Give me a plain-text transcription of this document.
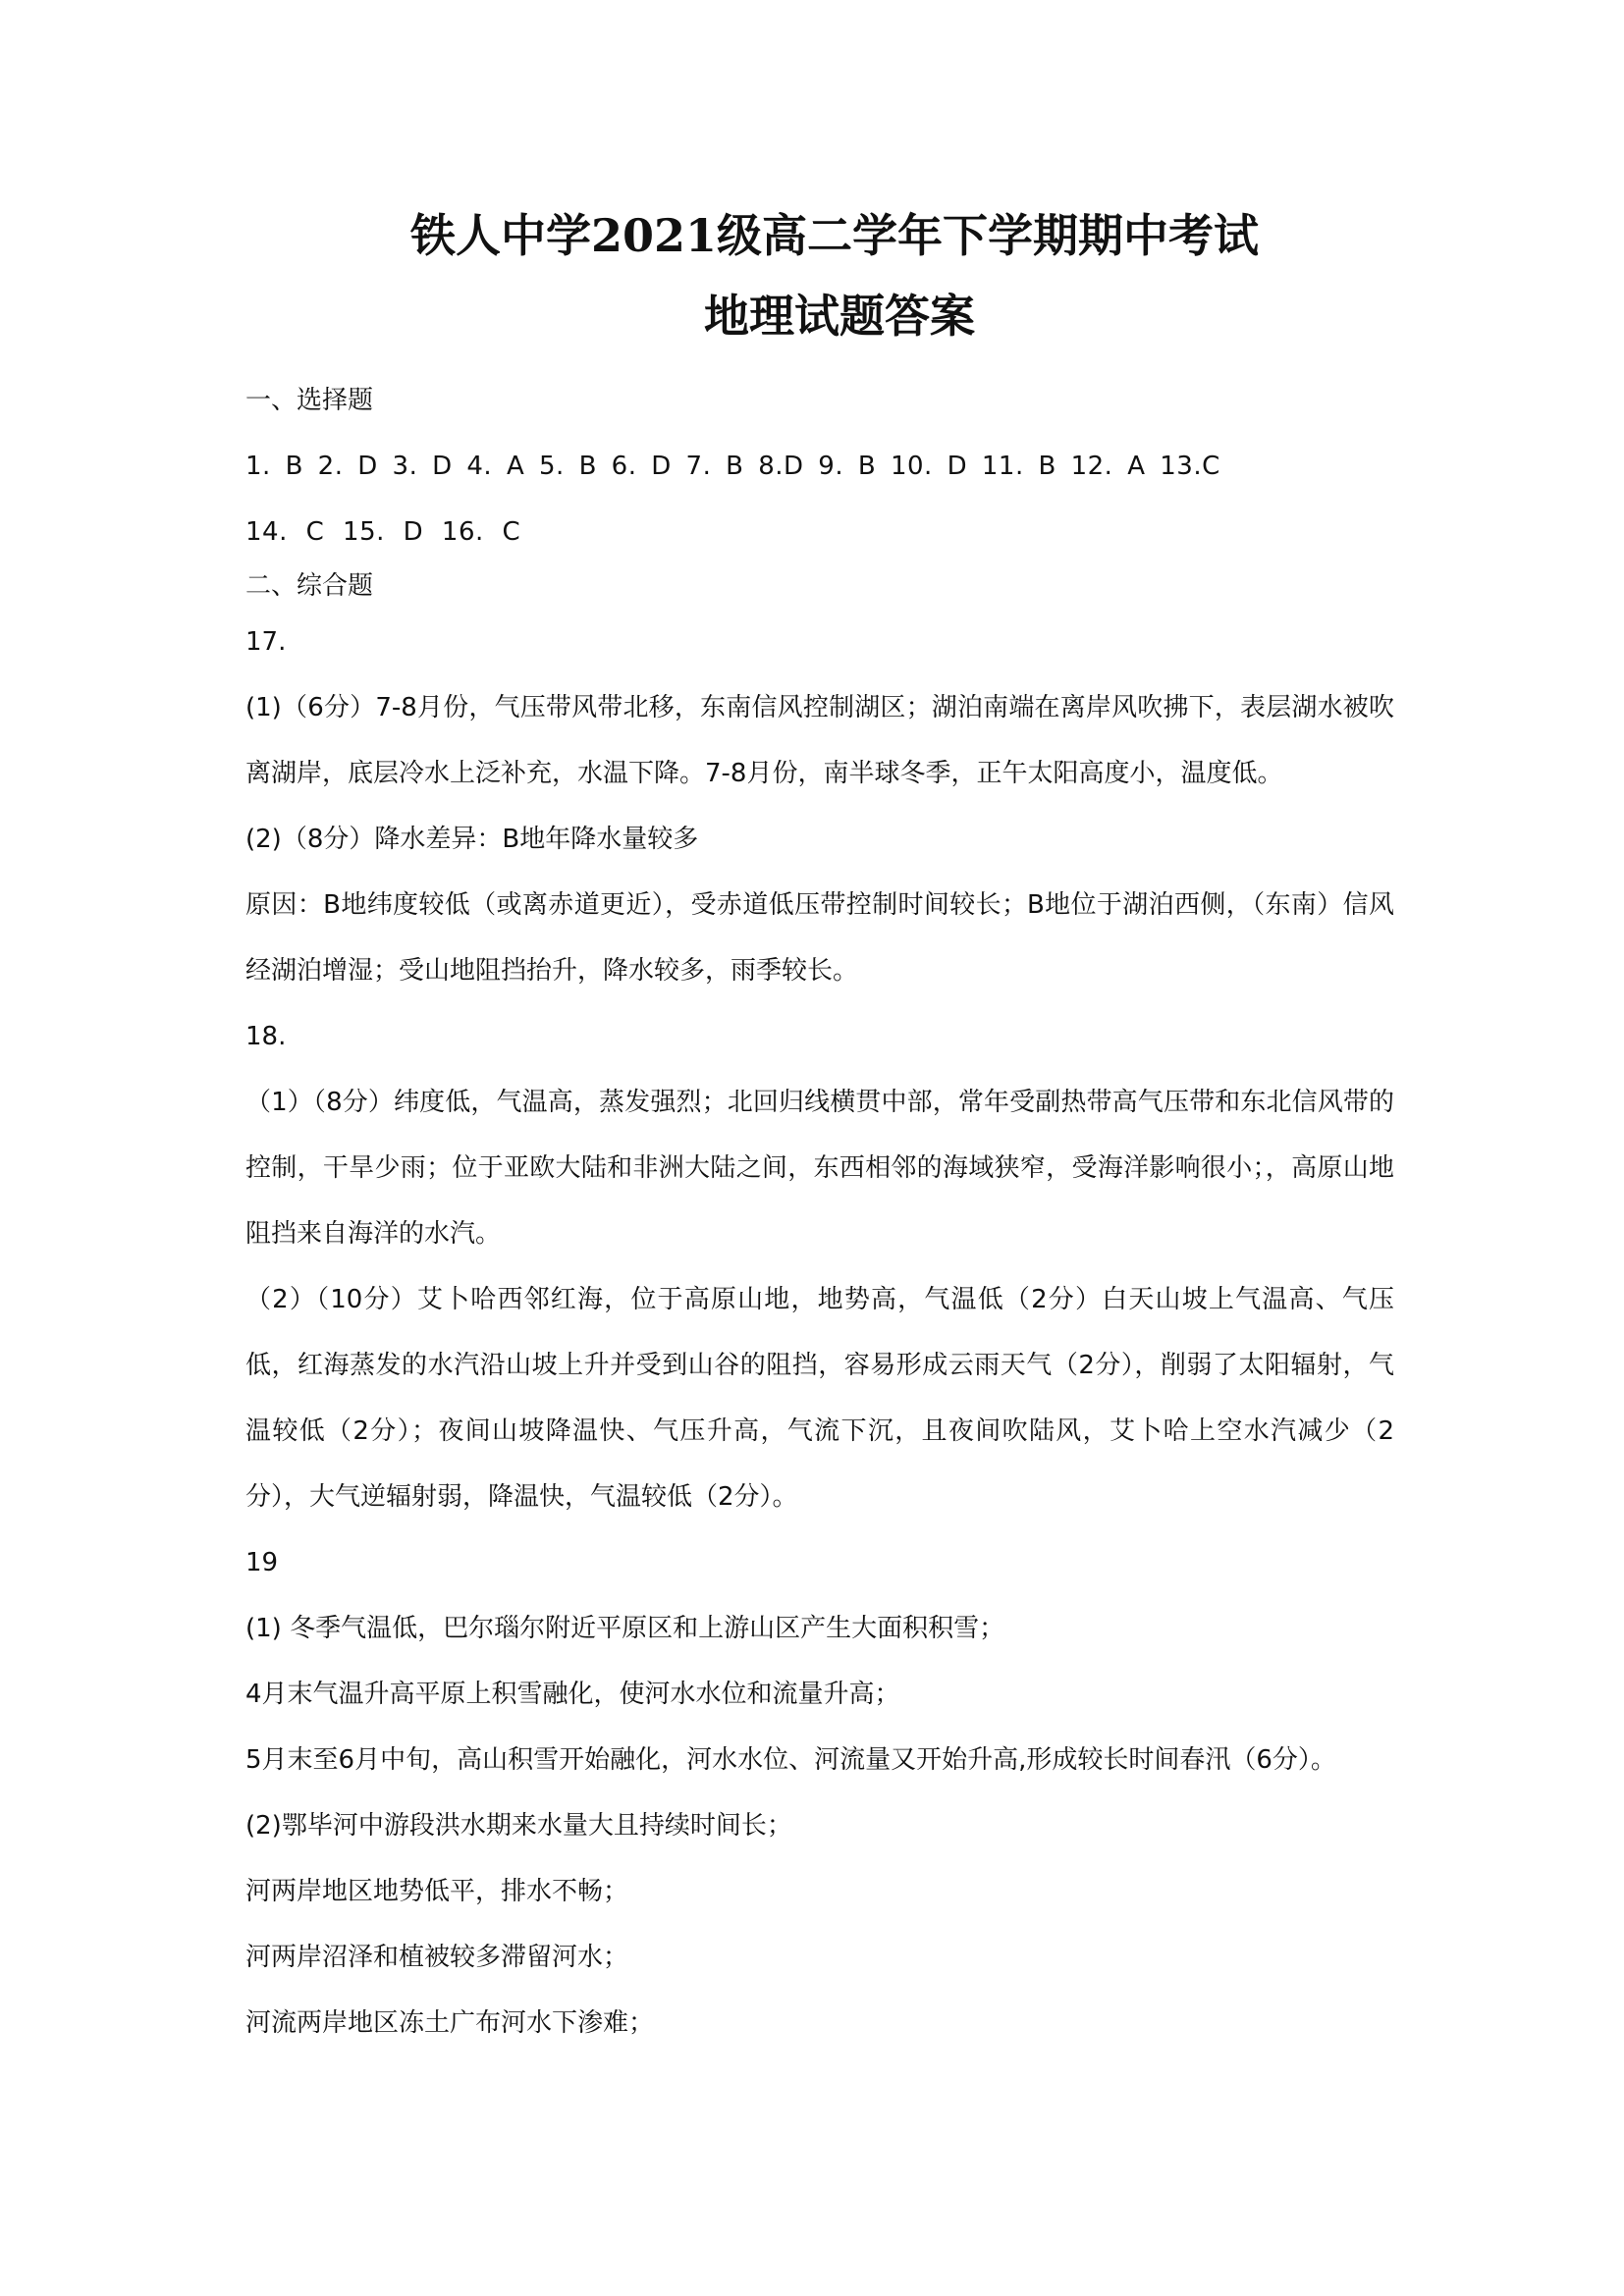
铁人中学2021级高二学年下学期期中考试
地理试题答案

一、选择题

1. B 2. D 3. D 4. A 5. B 6. D 7. B 8.D 9. B 10. D 11. B 12. A 13.C

14. C 15. D 16. C

二、综合题

17.

(1)（6分）7-8月份，气压带风带北移，东南信风控制湖区；湖泊南端在离岸风吹拂下，表层湖水被吹离湖岸，底层冷水上泛补充，水温下降。7-8月份，南半球冬季，正午太阳高度小，温度低。

(2)（8分）降水差异：B地年降水量较多

原因：B地纬度较低（或离赤道更近），受赤道低压带控制时间较长；B地位于湖泊西侧，（东南）信风经湖泊增湿；受山地阻挡抬升，降水较多，雨季较长。

18.

（1）（8分）纬度低，气温高，蒸发强烈；北回归线横贯中部，常年受副热带高气压带和东北信风带的控制，干旱少雨；位于亚欧大陆和非洲大陆之间，东西相邻的海域狭窄，受海洋影响很小；，高原山地阻挡来自海洋的水汽。

（2）（10分）艾卜哈西邻红海，位于高原山地，地势高，气温低（2分）白天山坡上气温高、气压低，红海蒸发的水汽沿山坡上升并受到山谷的阻挡，容易形成云雨天气（2分），削弱了太阳辐射，气温较低（2分）；夜间山坡降温快、气压升高，气流下沉，且夜间吹陆风，艾卜哈上空水汽减少（2分），大气逆辐射弱，降温快，气温较低（2分）。

19

(1) 冬季气温低，巴尔瑙尔附近平原区和上游山区产生大面积积雪；

4月末气温升高平原上积雪融化，使河水水位和流量升高；

5月末至6月中旬，高山积雪开始融化，河水水位、河流量又开始升高,形成较长时间春汛（6分）。

(2)鄂毕河中游段洪水期来水量大且持续时间长；

河两岸地区地势低平，排水不畅；

河两岸沼泽和植被较多滞留河水；

河流两岸地区冻土广布河水下渗难；
